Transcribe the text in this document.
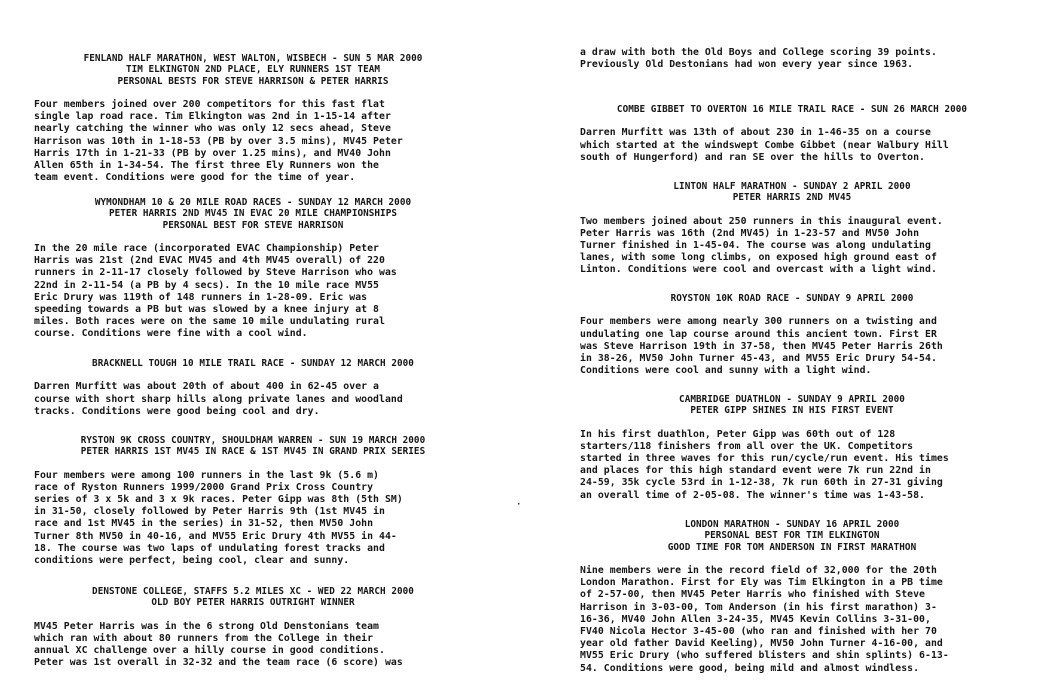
FENLAND HALF MARATHON, WEST WALTON, WISBECH - SUN 5 MAR 2000
TIM ELKINGTON 2ND PLACE, ELY RUNNERS 1ST TEAM
PERSONAL BESTS FOR STEVE HARRISON & PETER HARRIS
Four members joined over 200 competitors for this fast flat
single lap road race. Tim Elkington was 2nd in 1-15-14 after
nearly catching the winner who was only 12 secs ahead, Steve
Harrison was 10th in 1-18-53 (PB by over 3.5 mins), MV45 Peter
Harris 17th in 1-21-33 (PB by over 1.25 mins), and MV40 John
Allen 65th in 1-34-54. The first three Ely Runners won the
team event. Conditions were good for the time of year.
WYMONDHAM 10 & 20 MILE ROAD RACES - SUNDAY 12 MARCH 2000
PETER HARRIS 2ND MV45 IN EVAC 20 MILE CHAMPIONSHIPS
PERSONAL BEST FOR STEVE HARRISON
In the 20 mile race (incorporated EVAC Championship) Peter
Harris was 21st (2nd EVAC MV45 and 4th MV45 overall) of 220
runners in 2-11-17 closely followed by Steve Harrison who was
22nd in 2-11-54 (a PB by 4 secs). In the 10 mile race MV55
Eric Drury was 119th of 148 runners in 1-28-09. Eric was
speeding towards a PB but was slowed by a knee injury at 8
miles. Both races were on the same 10 mile undulating rural
course. Conditions were fine with a cool wind.
BRACKNELL TOUGH 10 MILE TRAIL RACE - SUNDAY 12 MARCH 2000
Darren Murfitt was about 20th of about 400 in 62-45 over a
course with short sharp hills along private lanes and woodland
tracks. Conditions were good being cool and dry.
RYSTON 9K CROSS COUNTRY, SHOULDHAM WARREN - SUN 19 MARCH 2000
PETER HARRIS 1ST MV45 IN RACE & 1ST MV45 IN GRAND PRIX SERIES
Four members were among 100 runners in the last 9k (5.6 m)
race of Ryston Runners 1999/2000 Grand Prix Cross Country
series of 3 x 5k and 3 x 9k races. Peter Gipp was 8th (5th SM)
in 31-50, closely followed by Peter Harris 9th (1st MV45 in
race and 1st MV45 in the series) in 31-52, then MV50 John
Turner 8th MV50 in 40-16, and MV55 Eric Drury 4th MV55 in 44-
18. The course was two laps of undulating forest tracks and
conditions were perfect, being cool, clear and sunny.
DENSTONE COLLEGE, STAFFS 5.2 MILES XC - WED 22 MARCH 2000
OLD BOY PETER HARRIS OUTRIGHT WINNER
MV45 Peter Harris was in the 6 strong Old Denstonians team
which ran with about 80 runners from the College in their
annual XC challenge over a hilly course in good conditions.
Peter was 1st overall in 32-32 and the team race (6 score) was
·
a draw with both the Old Boys and College scoring 39 points.
Previously Old Destonians had won every year since 1963.
COMBE GIBBET TO OVERTON 16 MILE TRAIL RACE - SUN 26 MARCH 2000
Darren Murfitt was 13th of about 230 in 1-46-35 on a course
which started at the windswept Combe Gibbet (near Walbury Hill
south of Hungerford) and ran SE over the hills to Overton.
LINTON HALF MARATHON - SUNDAY 2 APRIL 2000
PETER HARRIS 2ND MV45
Two members joined about 250 runners in this inaugural event.
Peter Harris was 16th (2nd MV45) in 1-23-57 and MV50 John
Turner finished in 1-45-04. The course was along undulating
lanes, with some long climbs, on exposed high ground east of
Linton. Conditions were cool and overcast with a light wind.
ROYSTON 10K ROAD RACE - SUNDAY 9 APRIL 2000
Four members were among nearly 300 runners on a twisting and
undulating one lap course around this ancient town. First ER
was Steve Harrison 19th in 37-58, then MV45 Peter Harris 26th
in 38-26, MV50 John Turner 45-43, and MV55 Eric Drury 54-54.
Conditions were cool and sunny with a light wind.
CAMBRIDGE DUATHLON - SUNDAY 9 APRIL 2000
PETER GIPP SHINES IN HIS FIRST EVENT
In his first duathlon, Peter Gipp was 60th out of 128
starters/118 finishers from all over the UK. Competitors
started in three waves for this run/cycle/run event. His times
and places for this high standard event were 7k run 22nd in
24-59, 35k cycle 53rd in 1-12-38, 7k run 60th in 27-31 giving
an overall time of 2-05-08. The winner's time was 1-43-58.
LONDON MARATHON - SUNDAY 16 APRIL 2000
PERSONAL BEST FOR TIM ELKINGTON
GOOD TIME FOR TOM ANDERSON IN FIRST MARATHON
Nine members were in the record field of 32,000 for the 20th
London Marathon. First for Ely was Tim Elkington in a PB time
of 2-57-00, then MV45 Peter Harris who finished with Steve
Harrison in 3-03-00, Tom Anderson (in his first marathon) 3-
16-36, MV40 John Allen 3-24-35, MV45 Kevin Collins 3-31-00,
FV40 Nicola Hector 3-45-00 (who ran and finished with her 70
year old father David Keeling), MV50 John Turner 4-16-00, and
MV55 Eric Drury (who suffered blisters and shin splints) 6-13-
54. Conditions were good, being mild and almost windless.
